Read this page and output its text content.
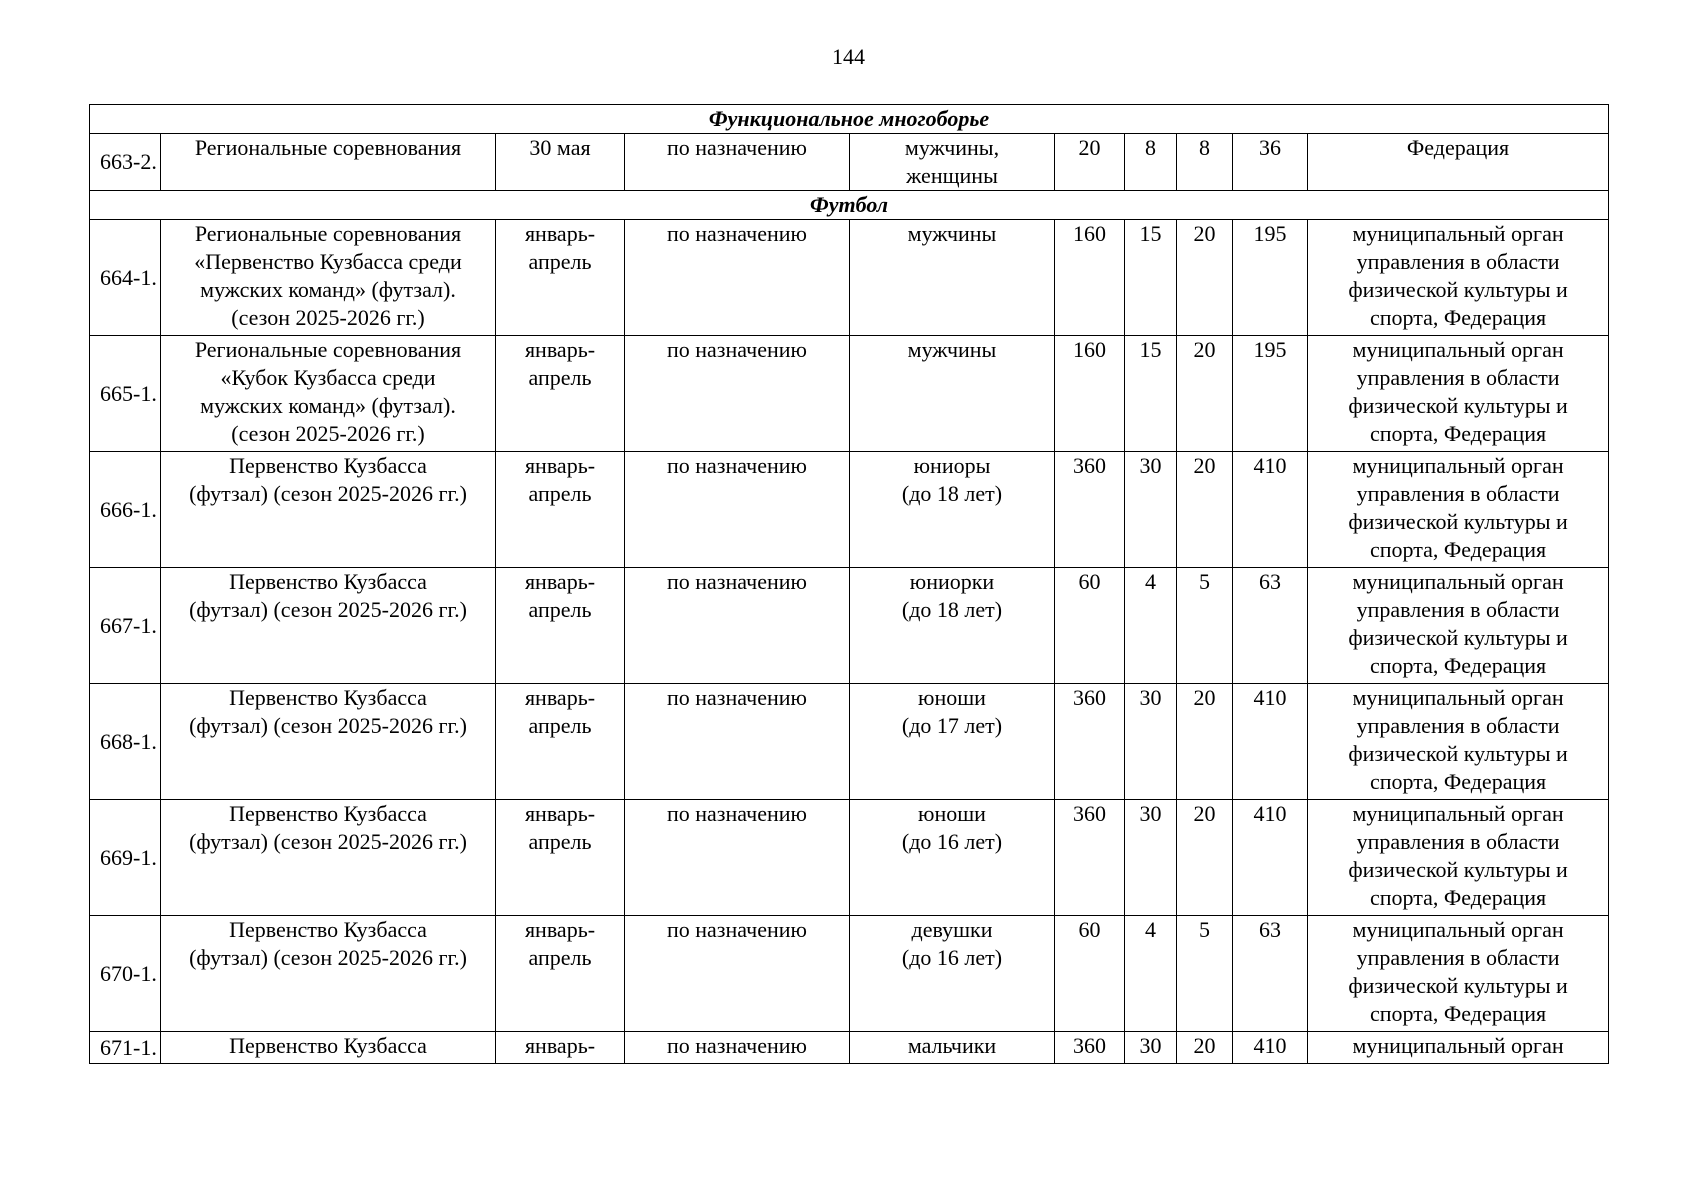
144
Функциональное многоборье									
663-2.	Региональные соревнования	30 мая	по назначению	мужчины,
женщины	20	8	8	36	Федерация
Футбол									
664-1.	Региональные соревнования
«Первенство Кузбасса среди
мужских команд» (футзал).
(сезон 2025-2026 гг.)	январь-
апрель	по назначению	мужчины	160	15	20	195	муниципальный орган
управления в области
физической культуры и
спорта, Федерация
665-1.	Региональные соревнования
«Кубок Кузбасса среди
мужских команд» (футзал).
(сезон 2025-2026 гг.)	январь-
апрель	по назначению	мужчины	160	15	20	195	муниципальный орган
управления в области
физической культуры и
спорта, Федерация
666-1.	Первенство Кузбасса
(футзал) (сезон 2025-2026 гг.)	январь-
апрель	по назначению	юниоры
(до 18 лет)	360	30	20	410	муниципальный орган
управления в области
физической культуры и
спорта, Федерация
667-1.	Первенство Кузбасса
(футзал) (сезон 2025-2026 гг.)	январь-
апрель	по назначению	юниорки
(до 18 лет)	60	4	5	63	муниципальный орган
управления в области
физической культуры и
спорта, Федерация
668-1.	Первенство Кузбасса
(футзал) (сезон 2025-2026 гг.)	январь-
апрель	по назначению	юноши
(до 17 лет)	360	30	20	410	муниципальный орган
управления в области
физической культуры и
спорта, Федерация
669-1.	Первенство Кузбасса
(футзал) (сезон 2025-2026 гг.)	январь-
апрель	по назначению	юноши
(до 16 лет)	360	30	20	410	муниципальный орган
управления в области
физической культуры и
спорта, Федерация
670-1.	Первенство Кузбасса
(футзал) (сезон 2025-2026 гг.)	январь-
апрель	по назначению	девушки
(до 16 лет)	60	4	5	63	муниципальный орган
управления в области
физической культуры и
спорта, Федерация
671-1.	Первенство Кузбасса	январь-	по назначению	мальчики	360	30	20	410	муниципальный орган
